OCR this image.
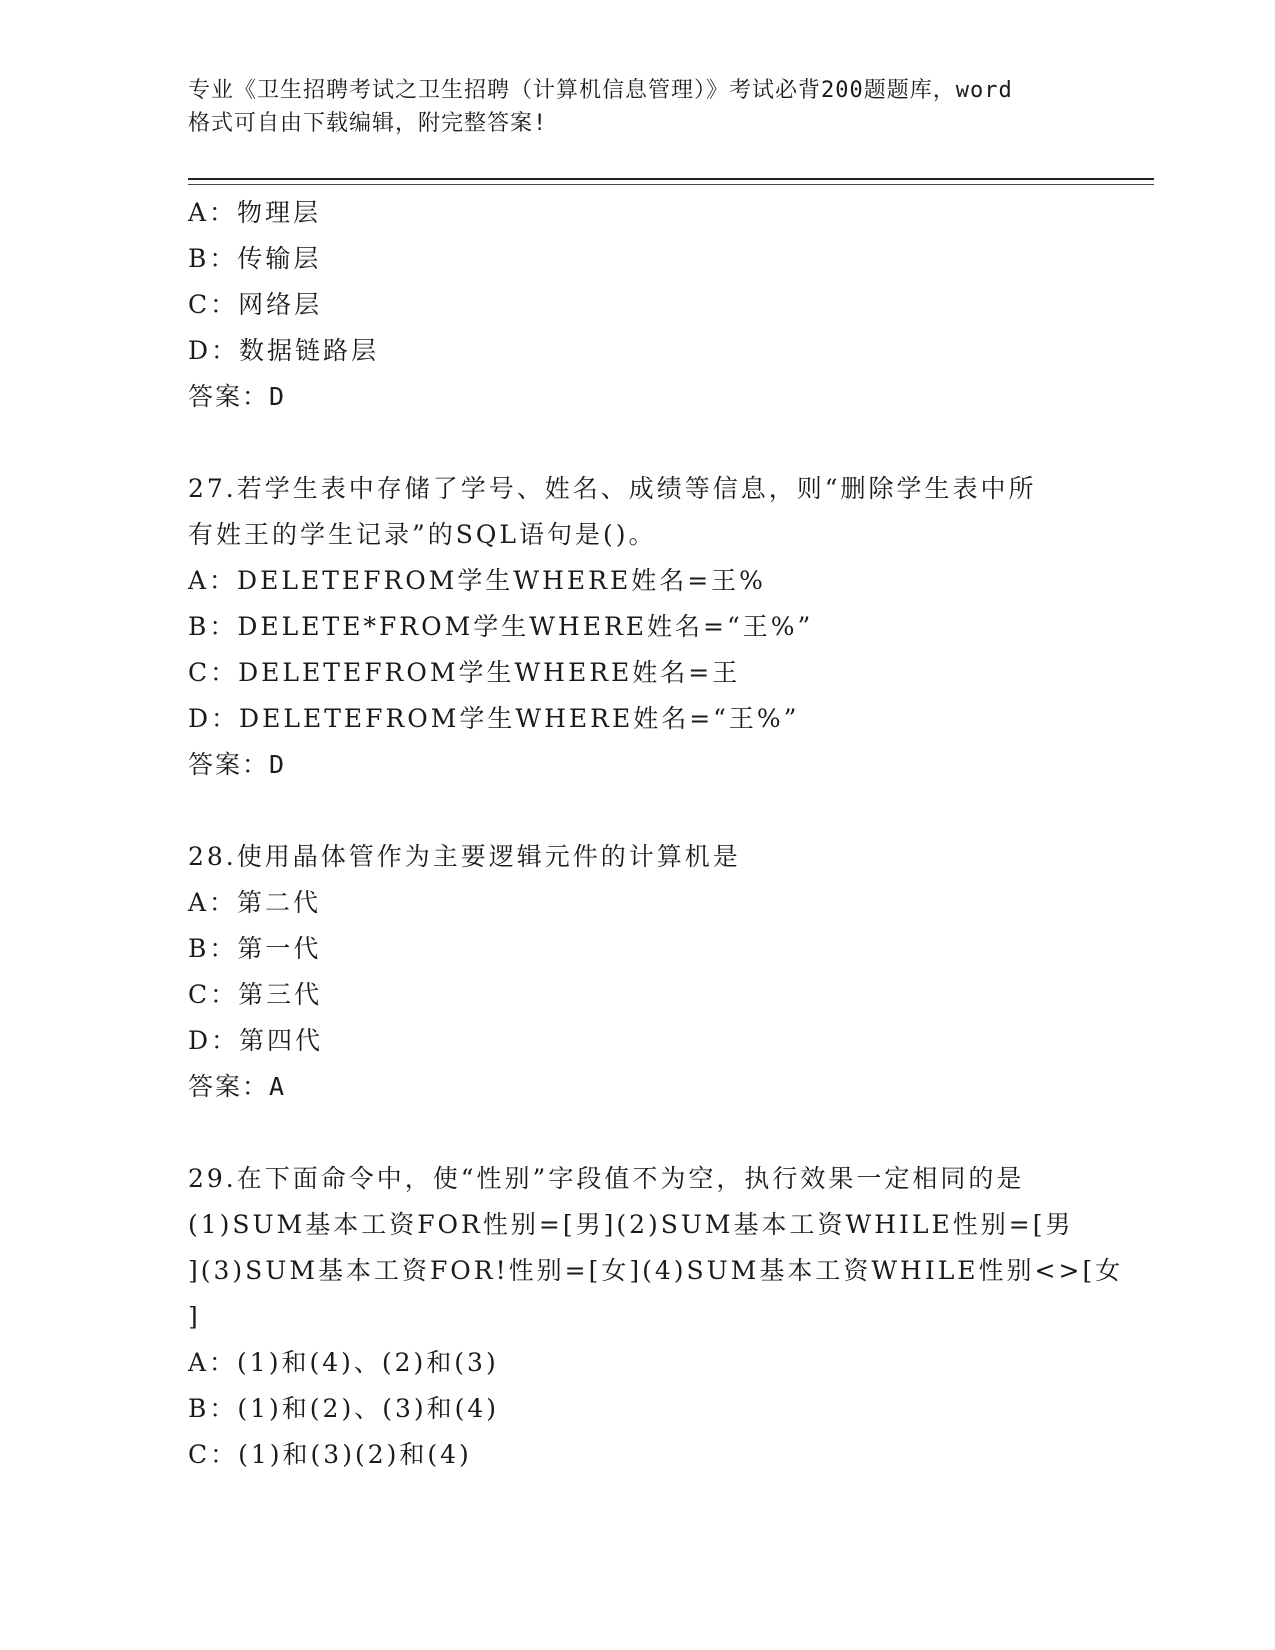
专业《卫生招聘考试之卫生招聘（计算机信息管理）》考试必背200题题库，word
格式可自由下载编辑，附完整答案!
A：物理层
B：传输层
C：网络层
D：数据链路层
答案：D
27.若学生表中存储了学号、姓名、成绩等信息，则“删除学生表中所
有姓王的学生记录”的SQL语句是()。
A：DELETEFROM学生WHERE姓名=王%
B：DELETE*FROM学生WHERE姓名=“王%”
C：DELETEFROM学生WHERE姓名=王
D：DELETEFROM学生WHERE姓名=“王%”
答案：D
28.使用晶体管作为主要逻辑元件的计算机是
A：第二代
B：第一代
C：第三代
D：第四代
答案：A
29.在下面命令中，使“性别”字段值不为空，执行效果一定相同的是
(1)SUM基本工资FOR性别=[男](2)SUM基本工资WHILE性别=[男
](3)SUM基本工资FOR!性别=[女](4)SUM基本工资WHILE性别<>[女
]
A：(1)和(4)、(2)和(3)
B：(1)和(2)、(3)和(4)
C：(1)和(3)(2)和(4)
